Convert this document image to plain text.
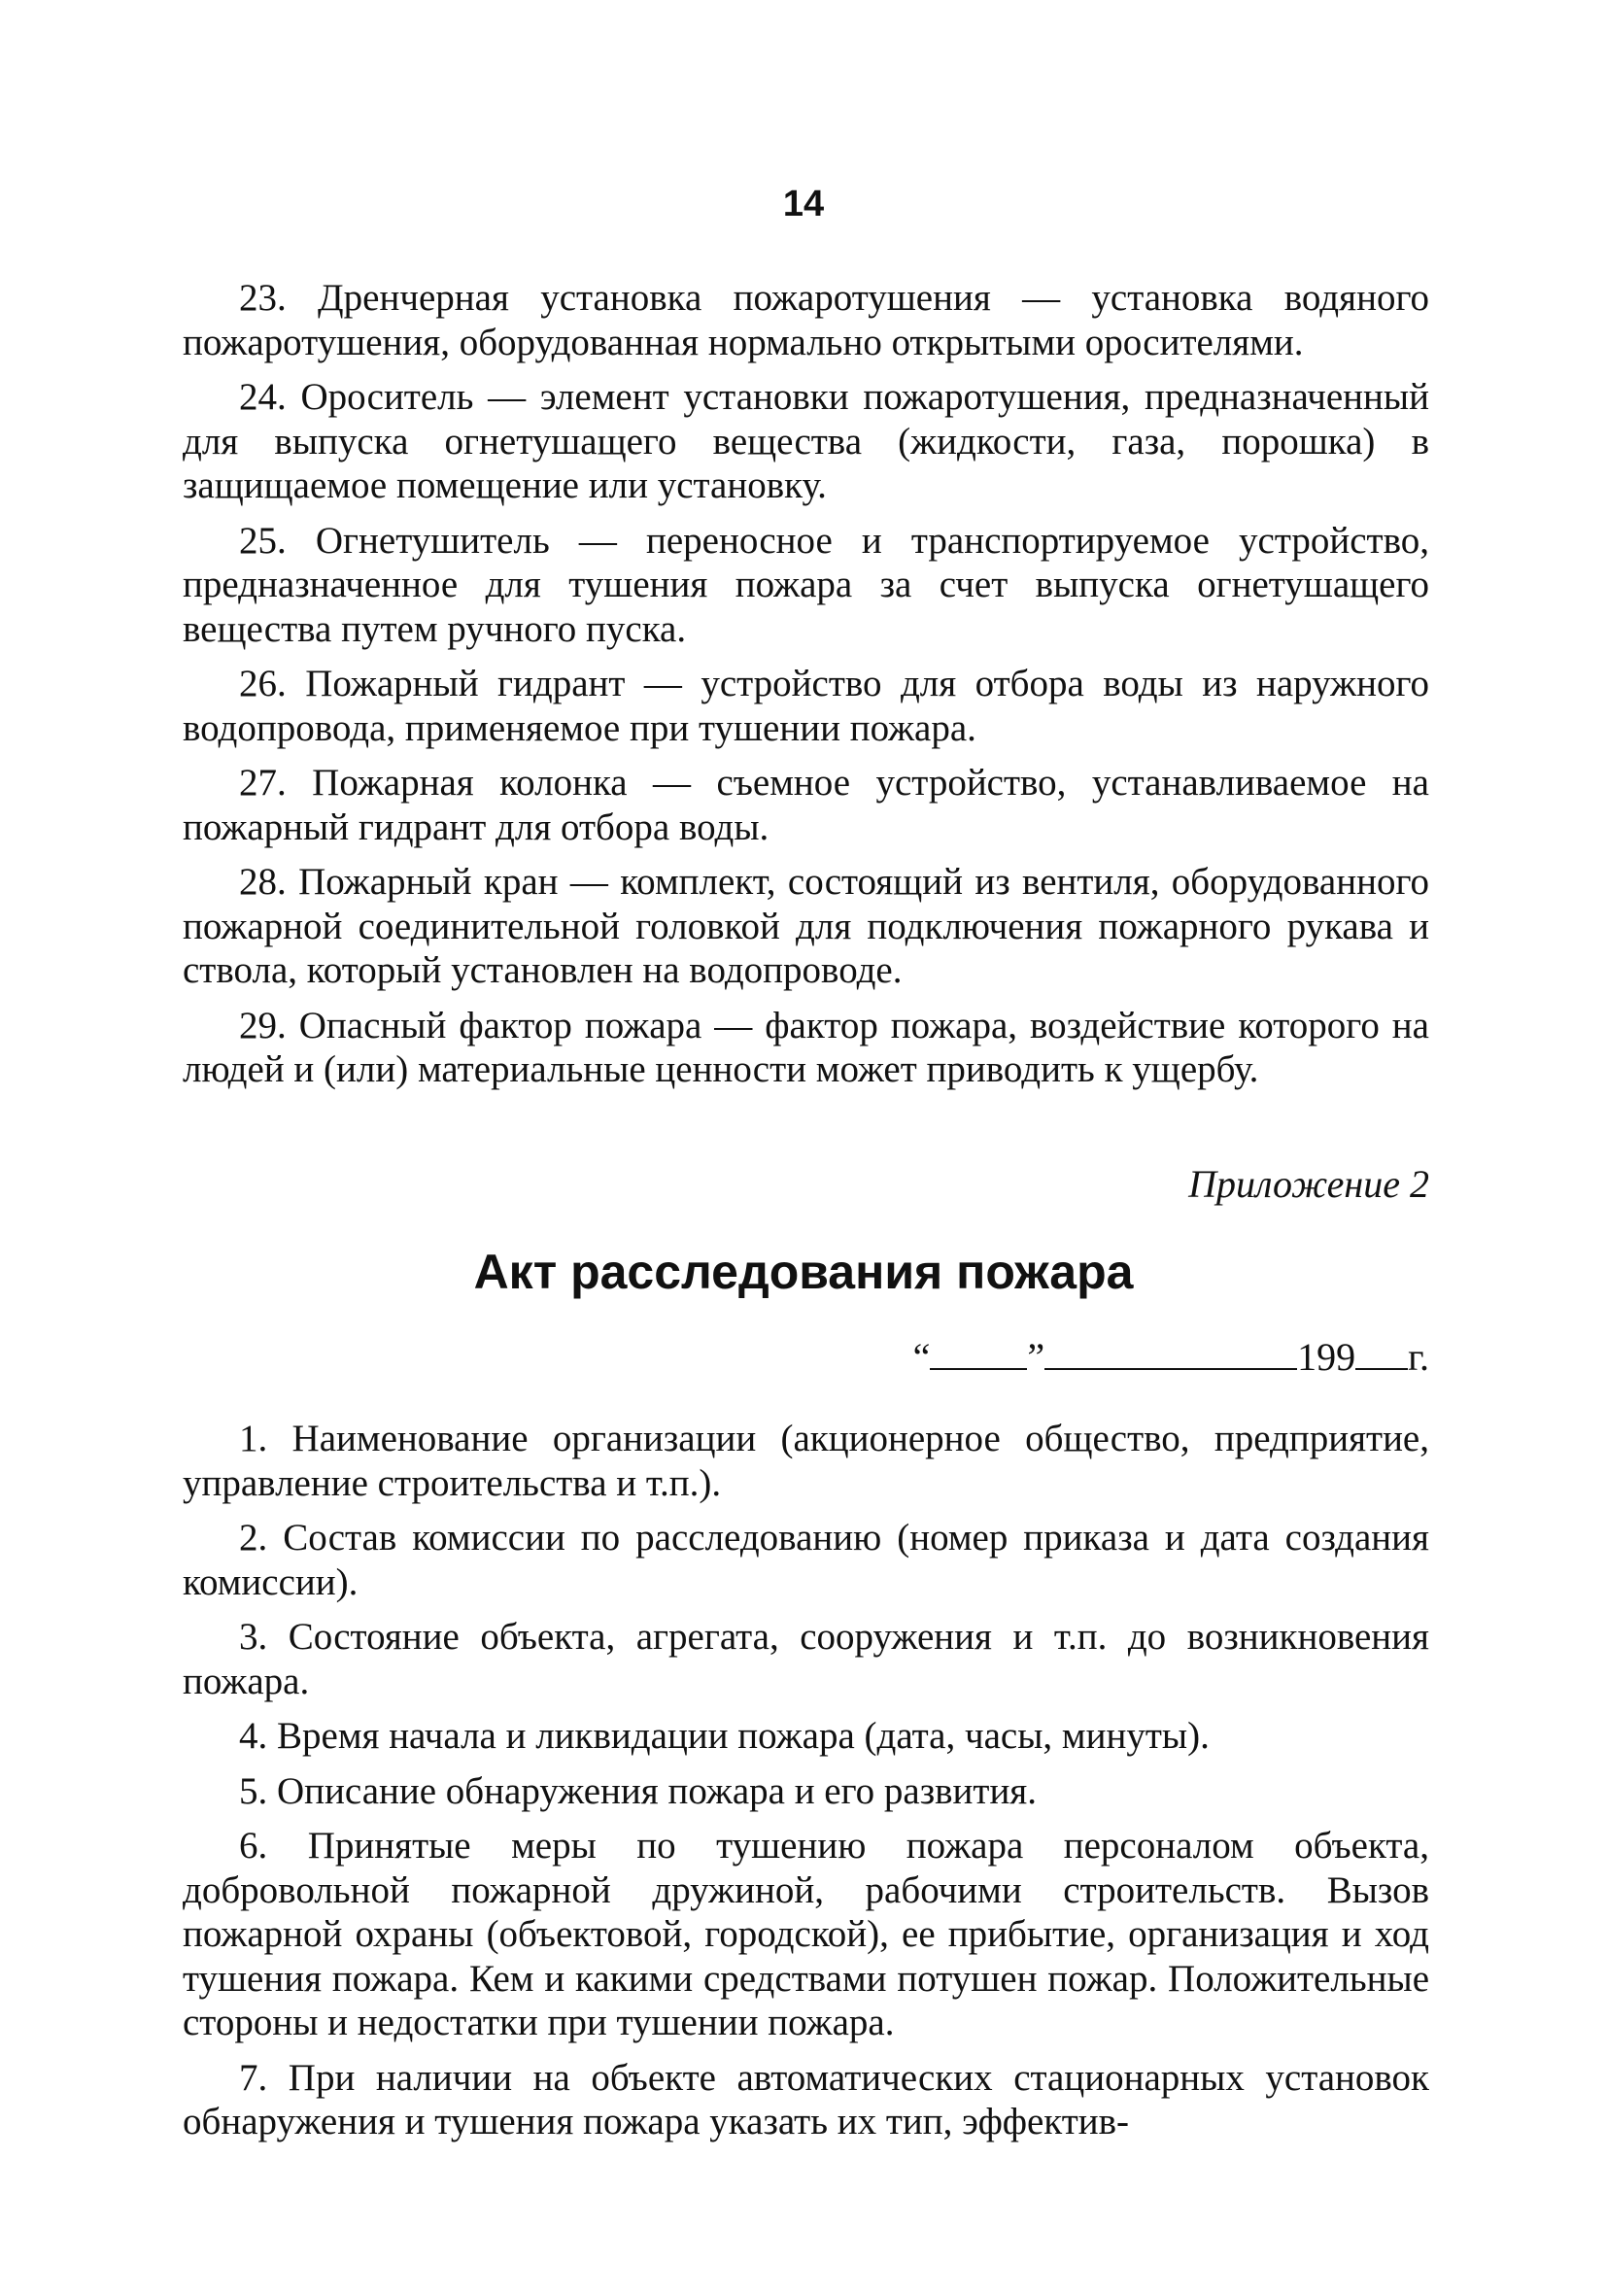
14

23. Дренчерная установка пожаротушения — установка водяного пожаротушения, оборудованная нормально открытыми оросителями.

24. Ороситель — элемент установки пожаротушения, предназначенный для выпуска огнетушащего вещества (жидкости, газа, порошка) в защищаемое помещение или установку.

25. Огнетушитель — переносное и транспортируемое устройство, предназначенное для тушения пожара за счет выпуска огнетушащего вещества путем ручного пуска.

26. Пожарный гидрант — устройство для отбора воды из наружного водопровода, применяемое при тушении пожара.

27. Пожарная колонка — съемное устройство, устанавливаемое на пожарный гидрант для отбора воды.

28. Пожарный кран — комплект, состоящий из вентиля, оборудованного пожарной соединительной головкой для подключения пожарного рукава и ствола, который установлен на водопроводе.

29. Опасный фактор пожара — фактор пожара, воздействие которого на людей и (или) материальные ценности может приводить к ущербу.

Приложение 2
Акт расследования пожара
“	”	199 г.

1. Наименование организации (акционерное общество, предприятие, управление строительства и т.п.).

2. Состав комиссии по расследованию (номер приказа и дата создания комиссии).

3. Состояние объекта, агрегата, сооружения и т.п. до возникновения пожара.

4. Время начала и ликвидации пожара (дата, часы, минуты).

5. Описание обнаружения пожара и его развития.

6. Принятые меры по тушению пожара персоналом объекта, добровольной пожарной дружиной, рабочими строительств. Вызов пожарной охраны (объектовой, городской), ее прибытие, организация и ход тушения пожара. Кем и какими средствами потушен пожар. Положительные стороны и недостатки при тушении пожара.

7. При наличии на объекте автоматических стационарных установок обнаружения и тушения пожара указать их тип, эффектив-
